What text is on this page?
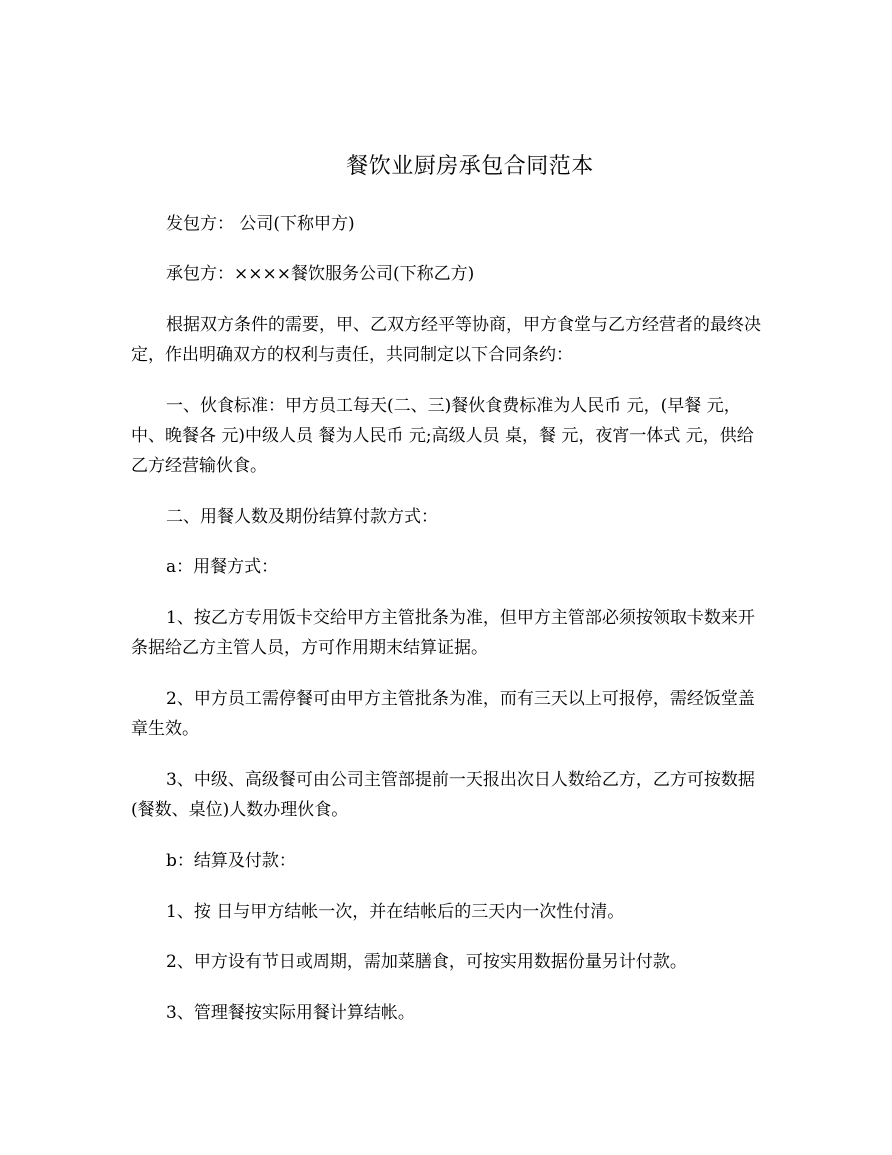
餐饮业厨房承包合同范本

发包方： 公司(下称甲方)

承包方：××××餐饮服务公司(下称乙方)

根据双方条件的需要，甲、乙双方经平等协商，甲方食堂与乙方经营者的最终决定，作出明确双方的权利与责任，共同制定以下合同条约：

一、伙食标准：甲方员工每天(二、三)餐伙食费标准为人民币 元，(早餐 元，中、晚餐各 元)中级人员 餐为人民币 元;高级人员 桌，餐 元，夜宵一体式 元，供给乙方经营输伙食。

二、用餐人数及期份结算付款方式：

a：用餐方式：

1、按乙方专用饭卡交给甲方主管批条为准，但甲方主管部必须按领取卡数来开条据给乙方主管人员，方可作用期末结算证据。

2、甲方员工需停餐可由甲方主管批条为准，而有三天以上可报停，需经饭堂盖章生效。

3、中级、高级餐可由公司主管部提前一天报出次日人数给乙方，乙方可按数据(餐数、桌位)人数办理伙食。

b：结算及付款：

1、按 日与甲方结帐一次，并在结帐后的三天内一次性付清。

2、甲方设有节日或周期，需加菜膳食，可按实用数据份量另计付款。

3、管理餐按实际用餐计算结帐。
